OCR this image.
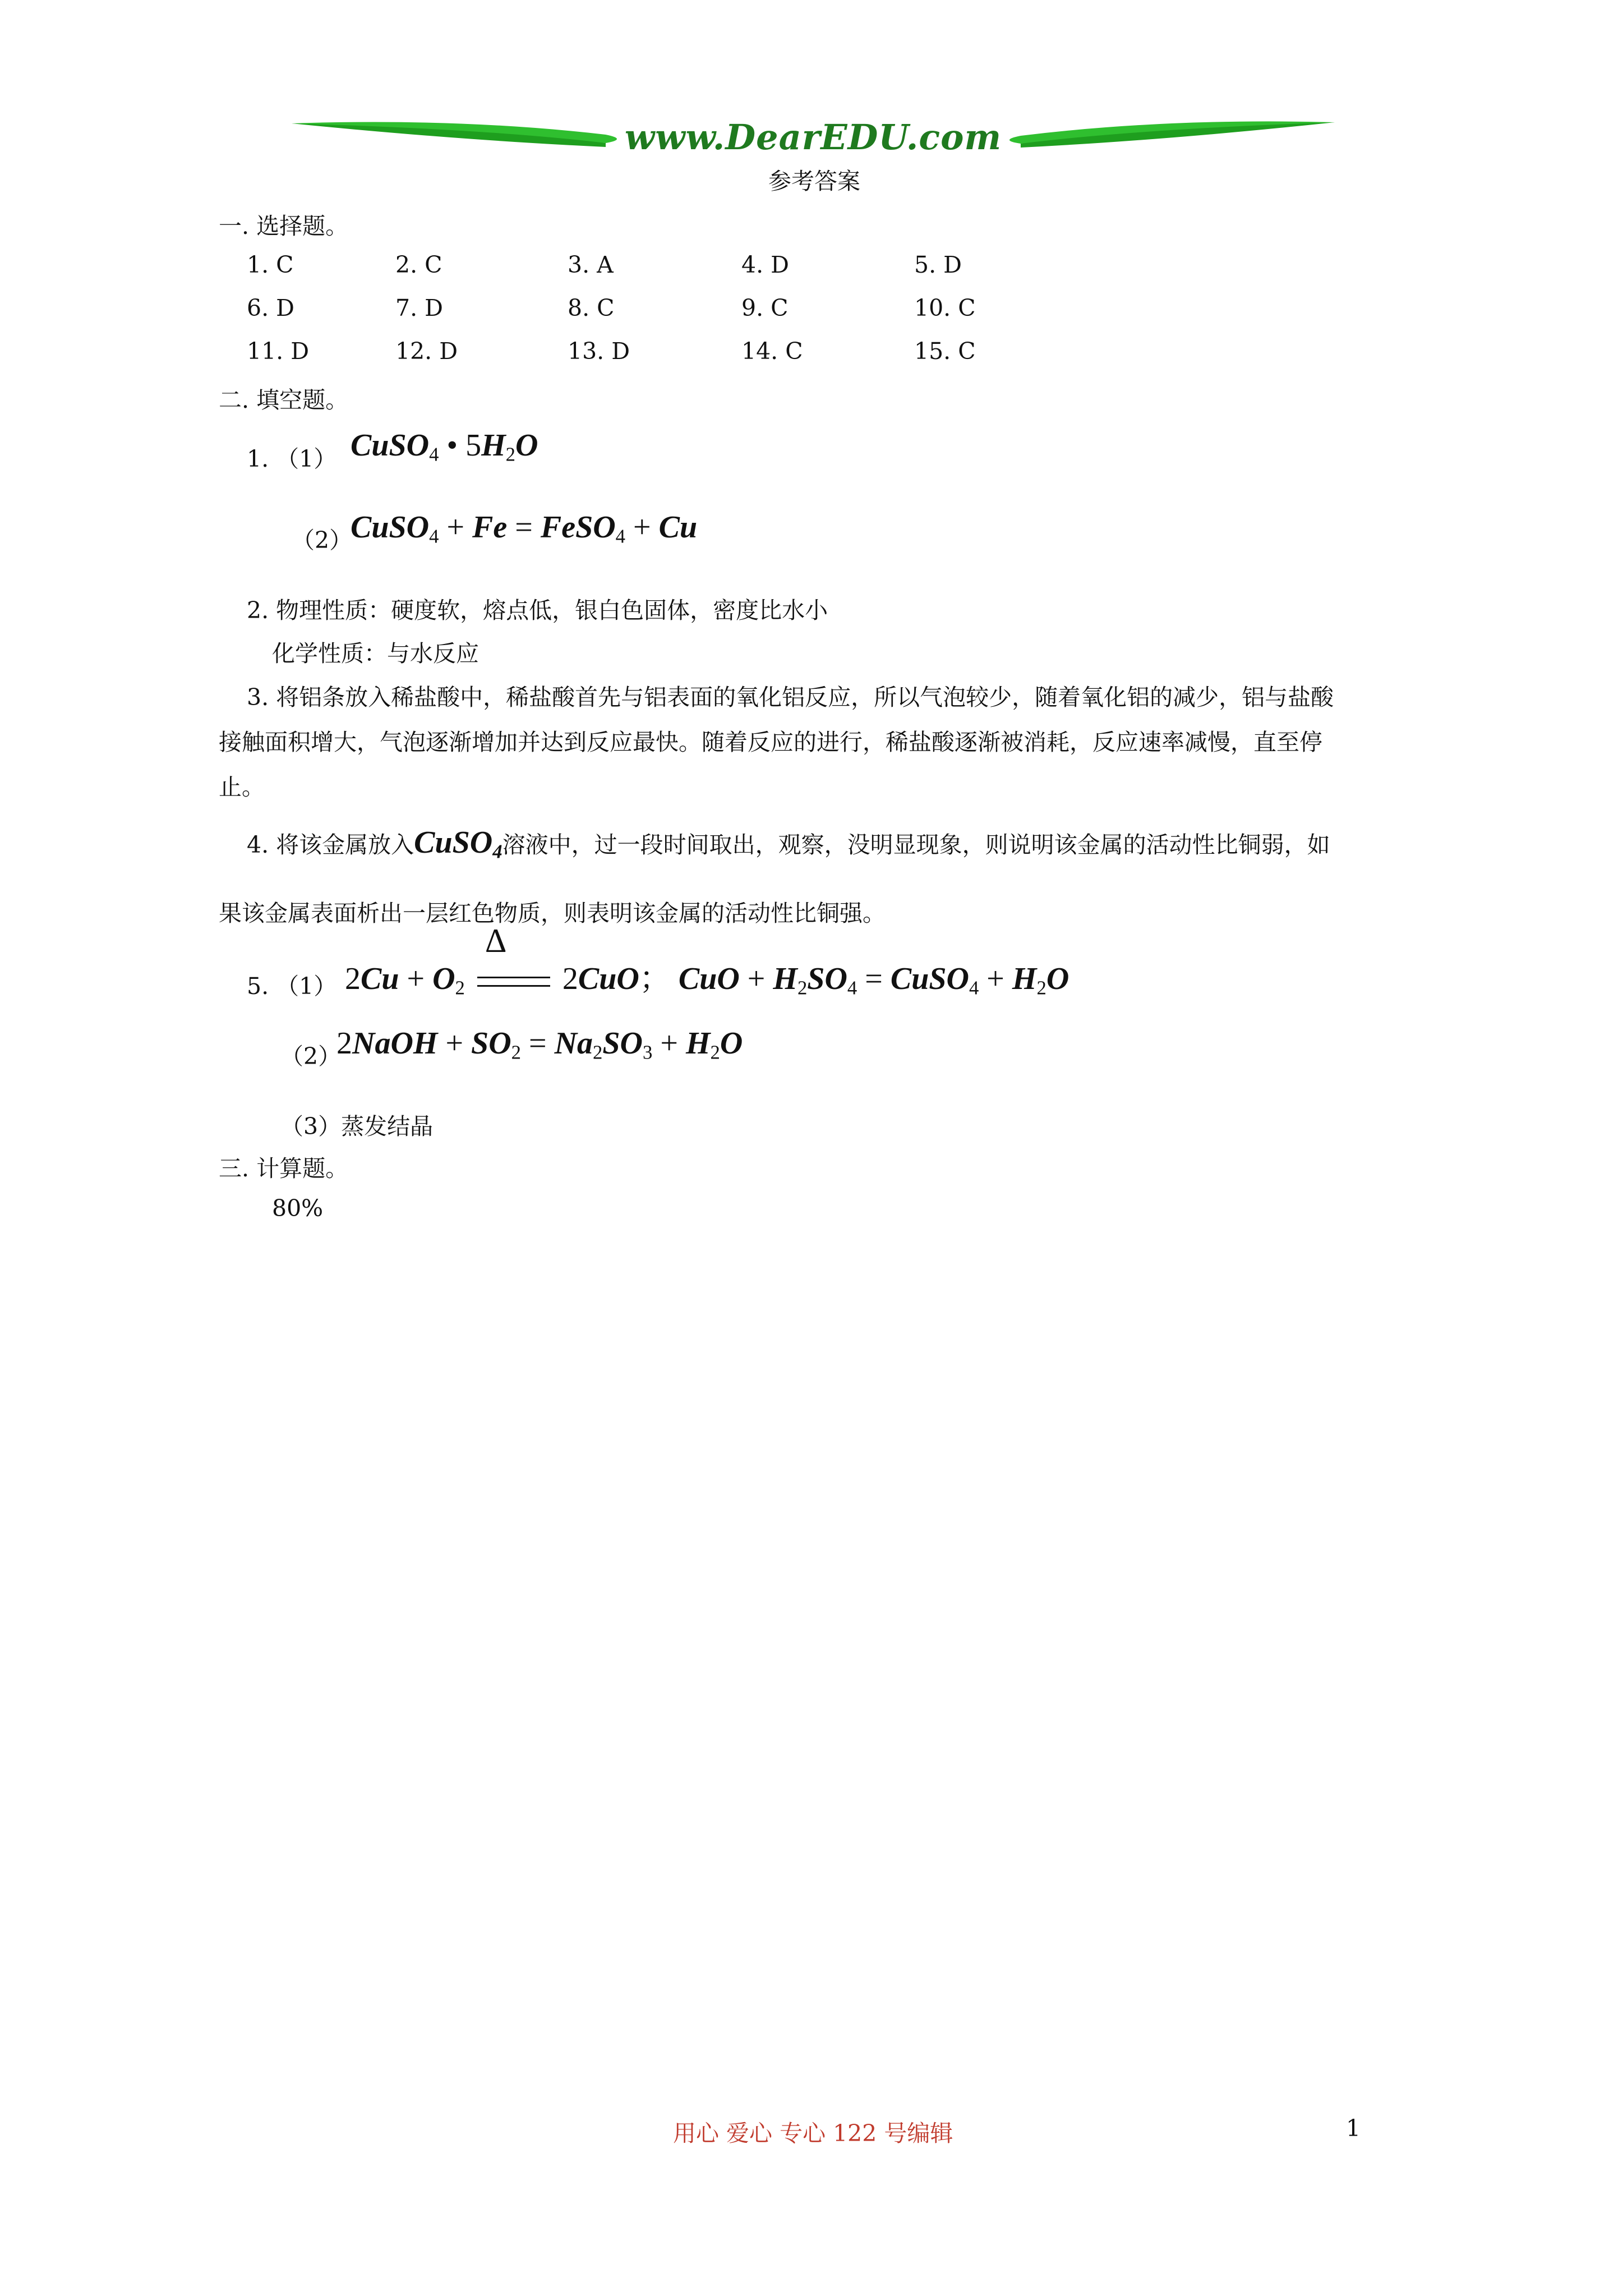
www.DearEDU.com
参考答案
一. 选择题。
1. C	2. C	3. A	4. D	5. D
6. D	7. D	8. C	9. C	10. C
11. D	12. D	13. D	14. C	15. C
二. 填空题。
1. （1） CuSO$_4$ • $5H_2O$
（2）
CuSO$_4$ + Fe = FeSO$_4$ + Cu
2. 物理性质：硬度软，熔点低，银白色固体，密度比水小
化学性质：与水反应
3. 将铝条放入稀盐酸中，稀盐酸首先与铝表面的氧化铝反应，所以气泡较少，随着氧化铝的减少，铝与盐酸
接触面积增大，气泡逐渐增加并达到反应最快。随着反应的进行，稀盐酸逐渐被消耗，反应速率减慢，直至停
止。
4. 将该金属放入CuSO$_4$溶液中，过一段时间取出，观察，没明显现象，则说明该金属的活动性比铜弱，如
果该金属表面析出一层红色物质，则表明该金属的活动性比铜强。
5. （1） $2Cu + O_2$
Δ
2CuO； CuO + $H_2SO_4$ = CuSO$_4$ + $H_2O$
（2）
2NaOH + $SO_2 = Na_2SO_3 + H_2O$
（3）蒸发结晶
三. 计算题。
80%
用心 爱心 专心 122 号编辑	1
